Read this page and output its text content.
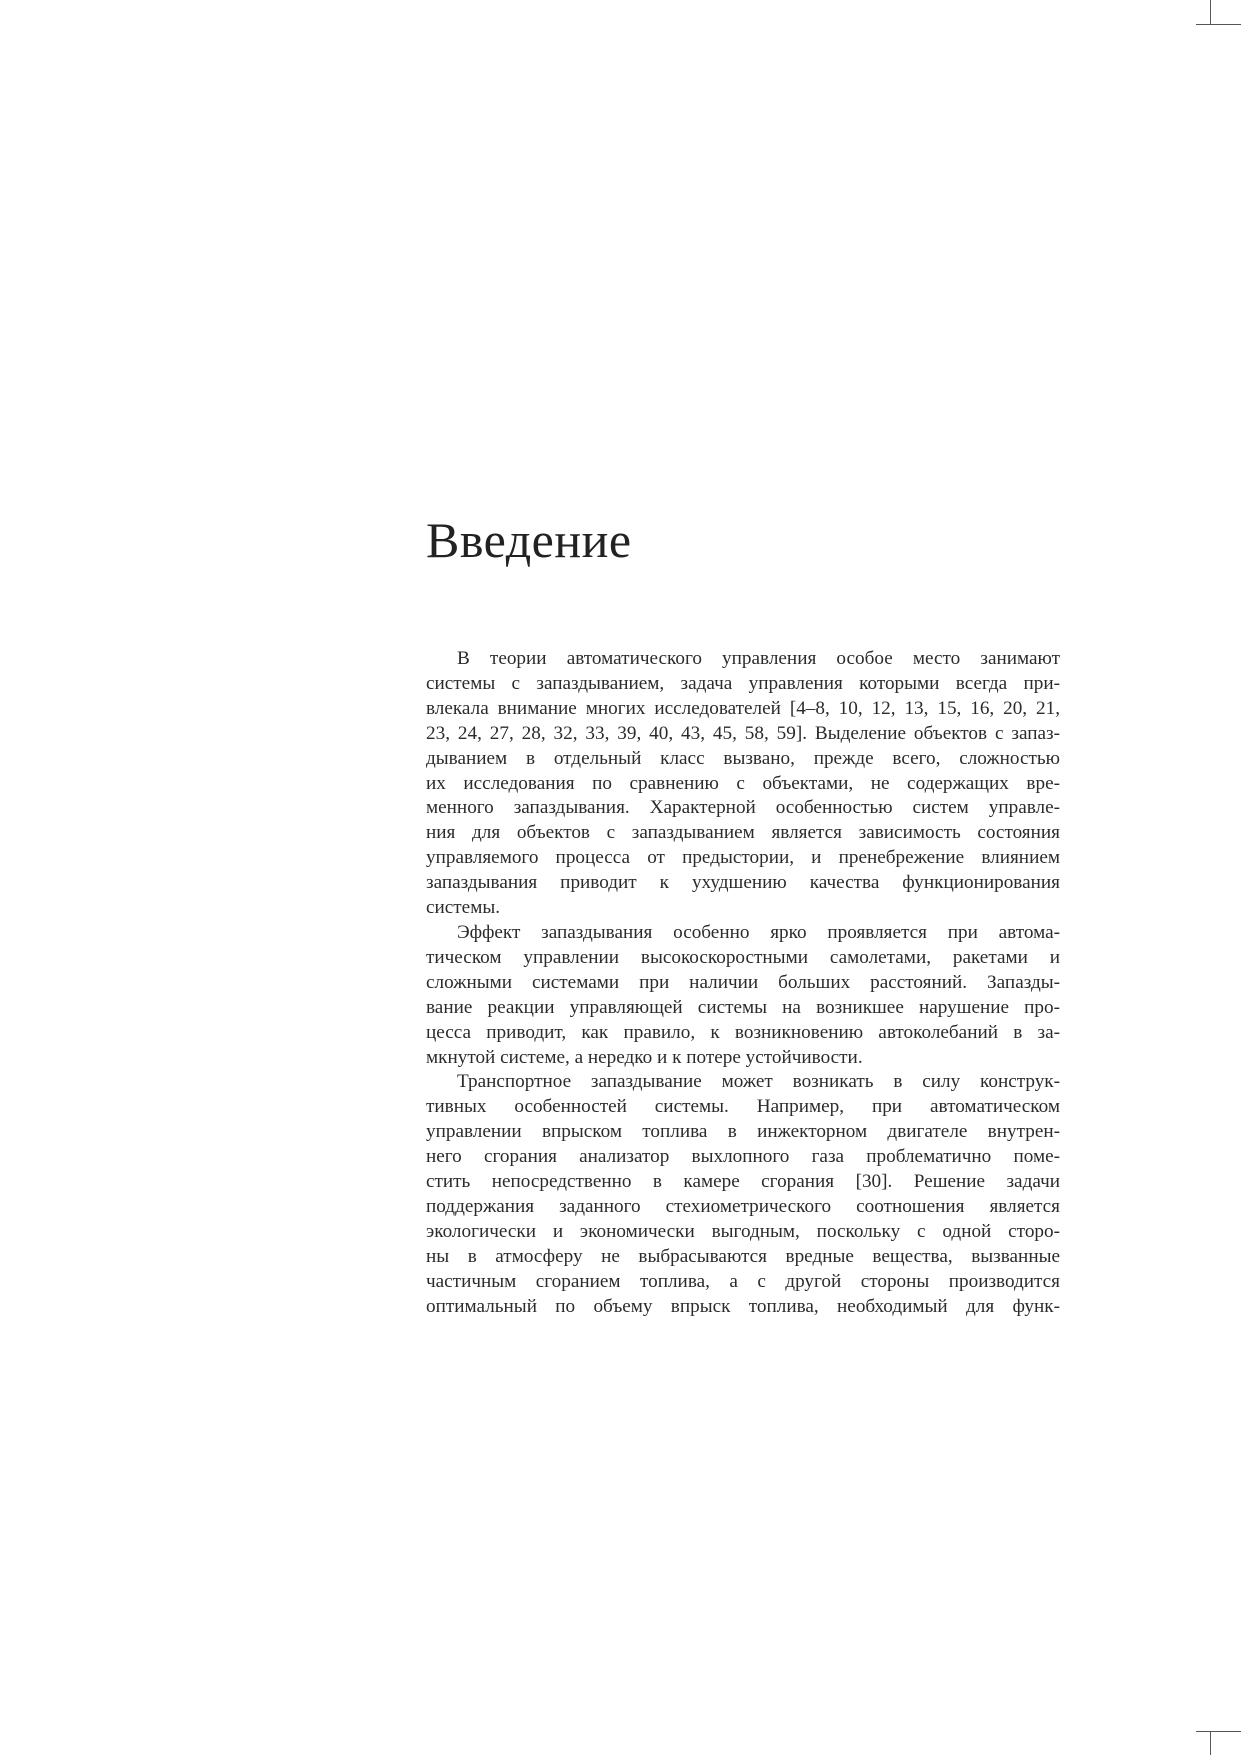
Введение

В теории автоматического управления особое место занимают
системы с запаздыванием, задача управления которыми всегда при-
влекала внимание многих исследователей [4–8, 10, 12, 13, 15, 16, 20, 21,
23, 24, 27, 28, 32, 33, 39, 40, 43, 45, 58, 59]. Выделение объектов с запаз-
дыванием в отдельный класс вызвано, прежде всего, сложностью
их исследования по сравнению с объектами, не содержащих вре-
менного запаздывания. Характерной особенностью систем управле-
ния для объектов с запаздыванием является зависимость состояния
управляемого процесса от предыстории, и пренебрежение влиянием
запаздывания приводит к ухудшению качества функционирования
системы.

Эффект запаздывания особенно ярко проявляется при автома-
тическом управлении высокоскоростными самолетами, ракетами и
сложными системами при наличии больших расстояний. Запазды-
вание реакции управляющей системы на возникшее нарушение про-
цесса приводит, как правило, к возникновению автоколебаний в за-
мкнутой системе, а нередко и к потере устойчивости.

Транспортное запаздывание может возникать в силу конструк-
тивных особенностей системы. Например, при автоматическом
управлении впрыском топлива в инжекторном двигателе внутрен-
него сгорания анализатор выхлопного газа проблематично поме-
стить непосредственно в камере сгорания [30]. Решение задачи
поддержания заданного стехиометрического соотношения является
экологически и экономически выгодным, поскольку с одной сторо-
ны в атмосферу не выбрасываются вредные вещества, вызванные
частичным сгоранием топлива, а с другой стороны производится
оптимальный по объему впрыск топлива, необходимый для функ-
